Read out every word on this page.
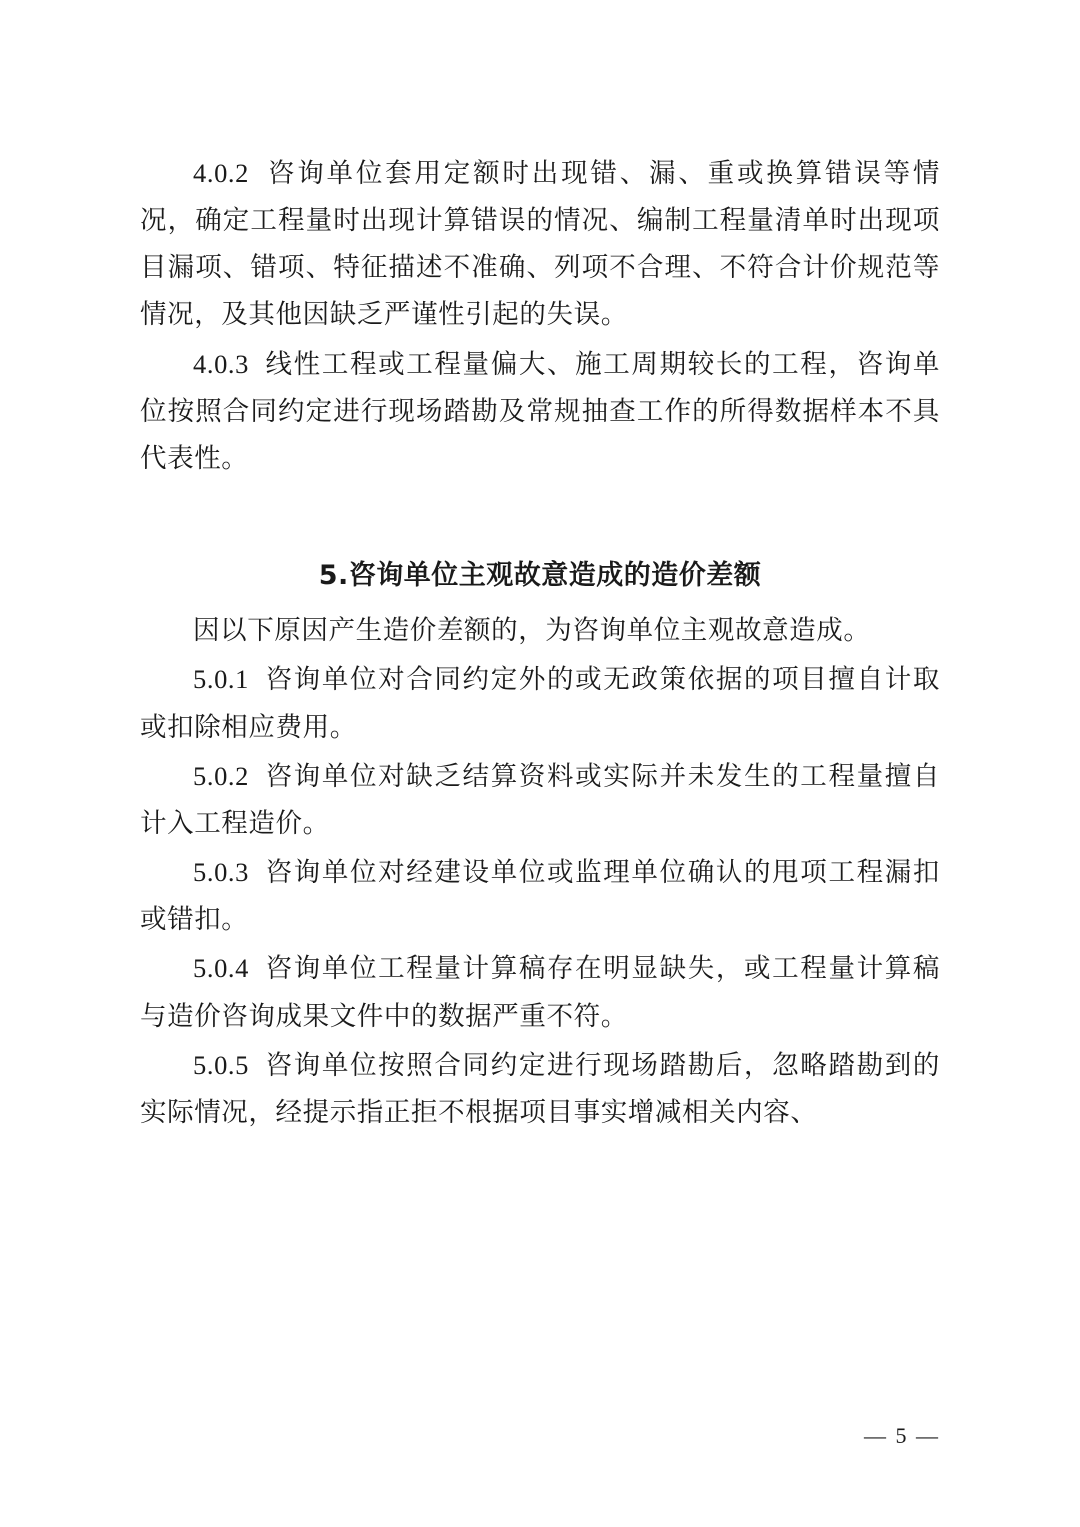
4.0.2  咨询单位套用定额时出现错、漏、重或换算错误等情况，确定工程量时出现计算错误的情况、编制工程量清单时出现项目漏项、错项、特征描述不准确、列项不合理、不符合计价规范等情况，及其他因缺乏严谨性引起的失误。

4.0.3  线性工程或工程量偏大、施工周期较长的工程，咨询单位按照合同约定进行现场踏勘及常规抽查工作的所得数据样本不具代表性。

5.咨询单位主观故意造成的造价差额

因以下原因产生造价差额的，为咨询单位主观故意造成。

5.0.1  咨询单位对合同约定外的或无政策依据的项目擅自计取或扣除相应费用。

5.0.2  咨询单位对缺乏结算资料或实际并未发生的工程量擅自计入工程造价。

5.0.3  咨询单位对经建设单位或监理单位确认的甩项工程漏扣或错扣。

5.0.4  咨询单位工程量计算稿存在明显缺失，或工程量计算稿与造价咨询成果文件中的数据严重不符。

5.0.5  咨询单位按照合同约定进行现场踏勘后，忽略踏勘到的实际情况，经提示指正拒不根据项目事实增减相关内容、

— 5 —
